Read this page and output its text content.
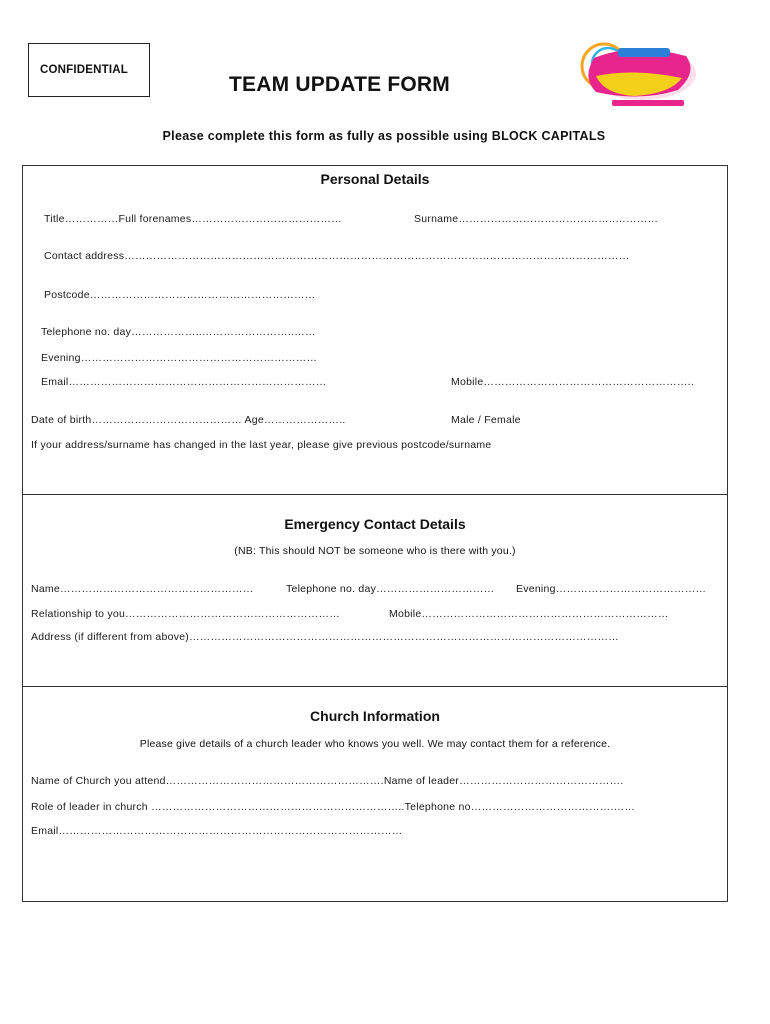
CONFIDENTIAL
TEAM UPDATE FORM
Please complete this form as fully as possible using BLOCK CAPITALS
Personal Details
Title……………Full forenames……………………………………	Surname……………………………………..…………
Contact address……………………………………………………………………………………………………………………………
Postcode………………………………………………………
Telephone no. day………………..……………………..……
Evening…………………………………………………………
Email………………………………………………………………	Mobile…………………………………………………..
Date of birth…………………………………… Age…………………..	Male / Female
If your address/surname has changed in the last year, please give previous postcode/surname
Emergency Contact Details
(NB: This should NOT be someone who is there with you.)
Name………………………………………………	Telephone no. day…………………………… Evening……………………………………
Relationship to you……………………………………………………	Mobile……………………………………………………………
Address (if different from above)…………………………………………………………………………………………………………
Church Information
Please give details of a church leader who knows you well. We may contact them for a reference.
Name of Church you attend…………………………………………………….Name of leader……………………………………….
Role of leader in church ……………………………………………………………..Telephone no………………………………….……
Email……………………………………………………………………………………
